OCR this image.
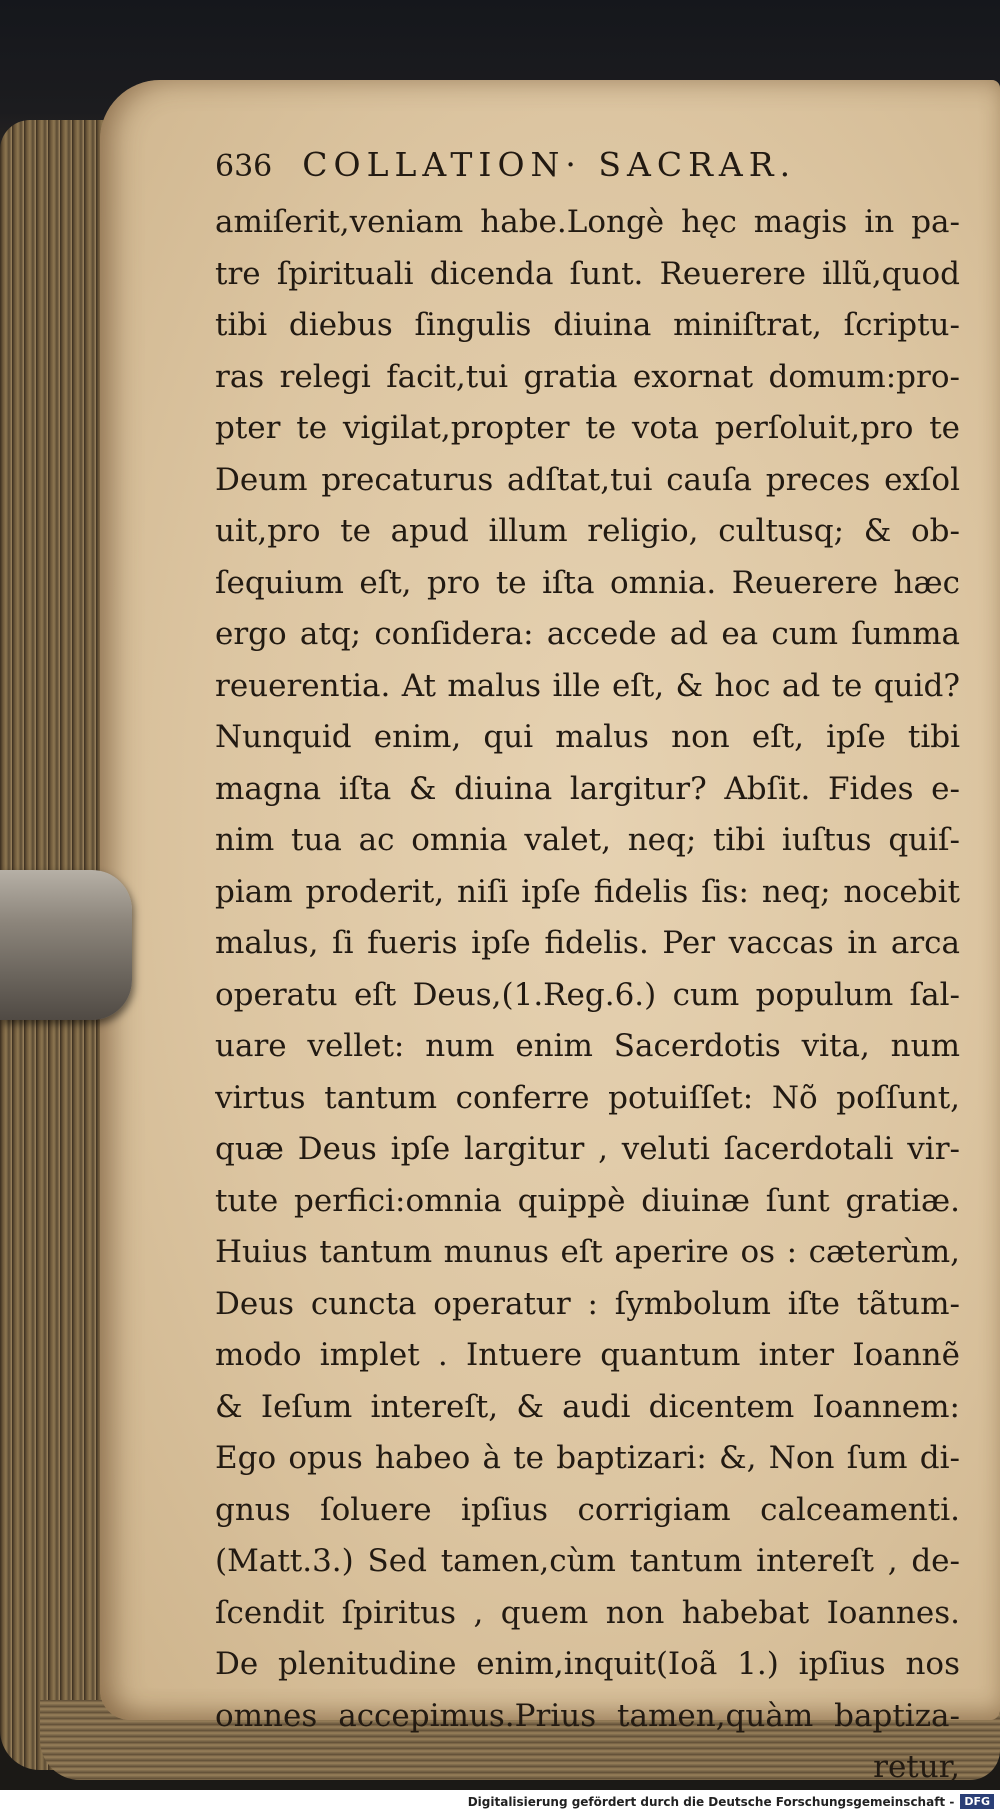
636 COLLATION· SACRAR.
amiſerit,veniam habe.Longè hęc magis in pa-
tre ſpirituali dicenda ſunt. Reuerere illũ,quod
tibi diebus ſingulis diuina miniſtrat, ſcriptu-
ras relegi facit,tui gratia exornat domum:pro-
pter te vigilat,propter te vota perſoluit,pro te
Deum precaturus adſtat,tui cauſa preces exſol
uit,pro te apud illum religio, cultusq; & ob-
ſequium eſt, pro te iſta omnia. Reuerere hæc
ergo atq; conſidera: accede ad ea cum ſumma
reuerentia. At malus ille eſt, & hoc ad te quid?
Nunquid enim, qui malus non eſt, ipſe tibi
magna iſta & diuina largitur? Abſit. Fides e-
nim tua ac omnia valet, neq; tibi iuſtus quiſ-
piam proderit, niſi ipſe fidelis ſis: neq; nocebit
malus, ſi fueris ipſe fidelis. Per vaccas in arca
operatu eſt Deus,(1.Reg.6.) cum populum ſal-
uare vellet: num enim Sacerdotis vita, num
virtus tantum conferre potuiſſet: Nõ poſſunt,
quæ Deus ipſe largitur , veluti ſacerdotali vir-
tute perfici:omnia quippè diuinæ ſunt gratiæ.
Huius tantum munus eſt aperire os : cæterùm,
Deus cuncta operatur : ſymbolum iſte tãtum-
modo implet . Intuere quantum inter Ioannẽ
& Ieſum intereſt, & audi dicentem Ioannem:
Ego opus habeo à te baptizari: &, Non ſum di-
gnus ſoluere ipſius corrigiam calceamenti.
(Matt.3.) Sed tamen,cùm tantum intereſt , de-
ſcendit ſpiritus , quem non habebat Ioannes.
De plenitudine enim,inquit(Ioã 1.) ipſius nos
omnes accepimus.Prius tamen,quàm baptiza-
retur,
Digitalisierung gefördert durch die Deutsche Forschungsgemeinschaft - DFG
